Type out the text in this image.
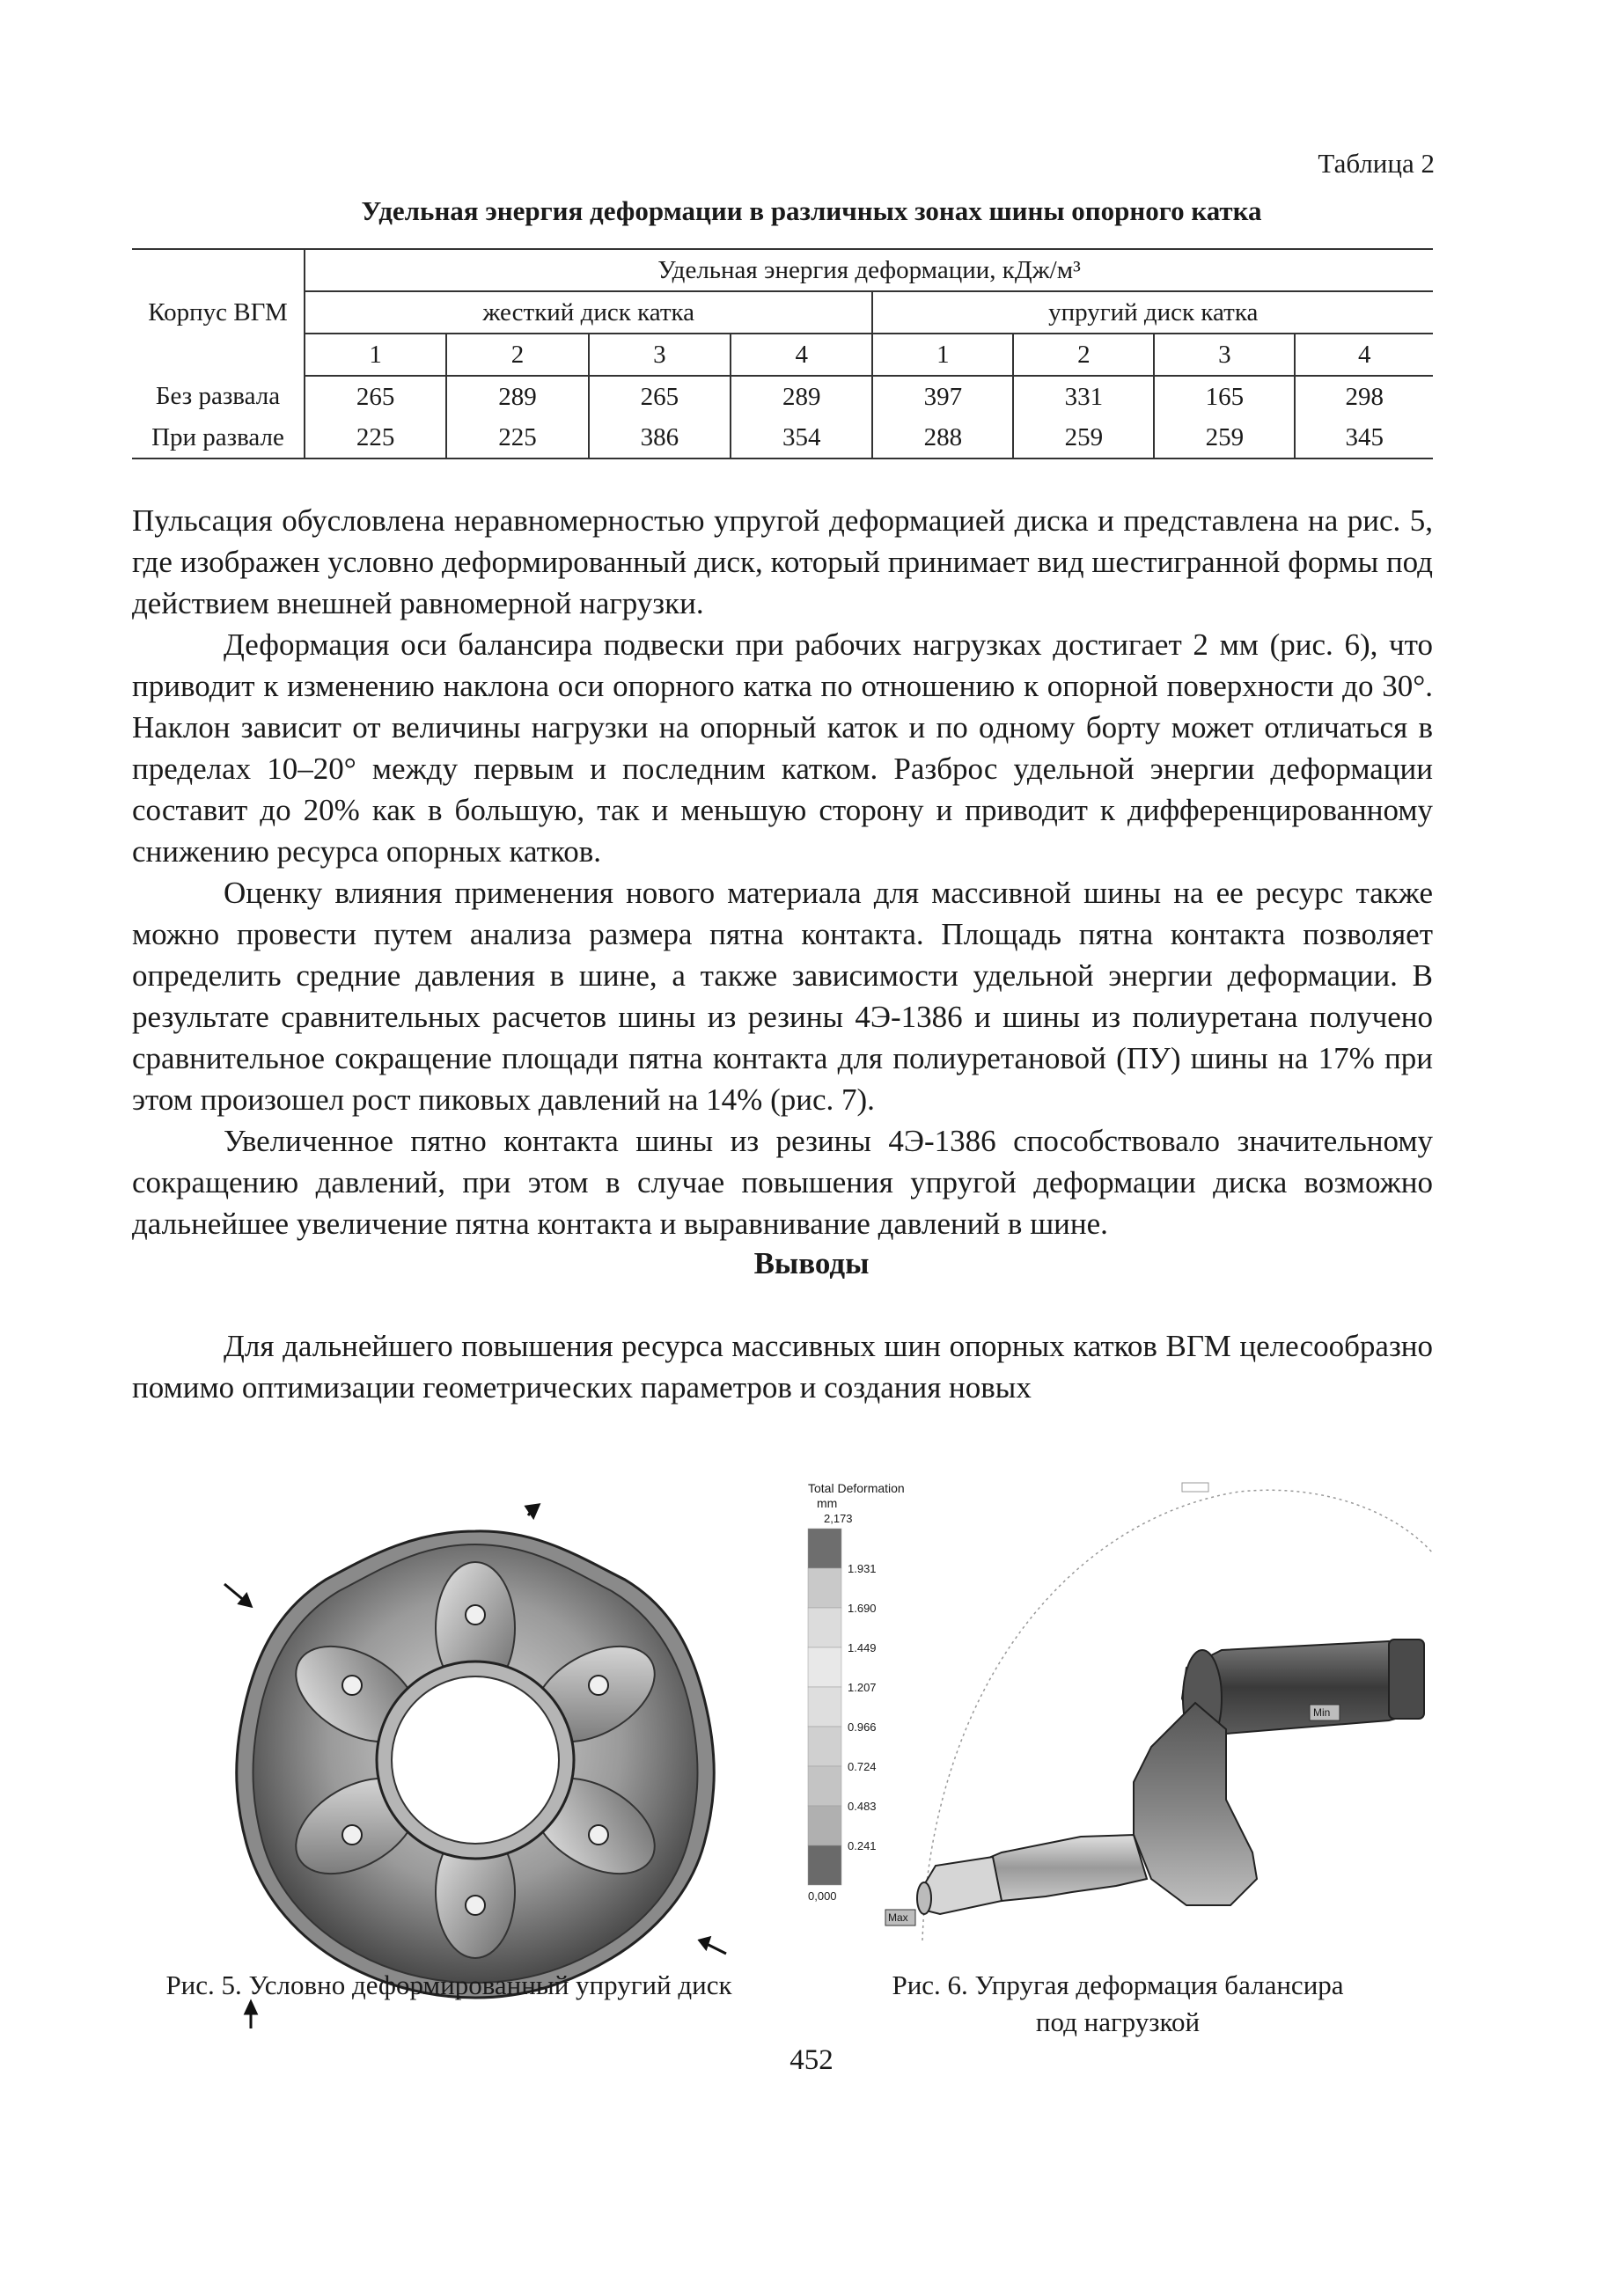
Таблица 2
Удельная энергия деформации в различных зонах шины опорного катка
Корпус ВГМ	Удельная энергия деформации, кДж/м³							
	жесткий диск катка				упругий диск катка			
	1	2	3	4	1	2	3	4
Без развала	265	289	265	289	397	331	165	298
При развале	225	225	386	354	288	259	259	345

Пульсация обусловлена неравномерностью упругой деформацией диска и представлена на рис. 5, где изображен условно деформированный диск, который принимает вид шестигранной формы под действием внешней равномерной нагрузки.

Деформация оси балансира подвески при рабочих нагрузках достигает 2 мм (рис. 6), что приводит к изменению наклона оси опорного катка по отношению к опорной поверхности до 30°. Наклон зависит от величины нагрузки на опорный каток и по одному борту может отличаться в пределах 10–20° между первым и последним катком. Разброс удельной энергии деформации составит до 20% как в большую, так и меньшую сторону и приводит к дифференцированному снижению ресурса опорных катков.

Оценку влияния применения нового материала для массивной шины на ее ресурс также можно провести путем анализа размера пятна контакта. Площадь пятна контакта позволяет определить средние давления в шине, а также зависимости удельной энергии деформации. В результате сравнительных расчетов шины из резины 4Э-1386 и шины из полиуретана получено сравнительное сокращение площади пятна контакта для полиуретановой (ПУ) шины на 17% при этом произошел рост пиковых давлений на 14% (рис. 7).

Увеличенное пятно контакта шины из резины 4Э-1386 способствовало значительному сокращению давлений, при этом в случае повышения упругой деформации диска возможно дальнейшее увеличение пятна контакта и выравнивание давлений в шине.

Выводы

Для дальнейшего повышения ресурса массивных шин опорных катков ВГМ целесообразно помимо оптимизации геометрических параметров и создания новых

Total Deformation
mm
2,173
1.931
1.690
1.449
1.207
0.966
0.724
0.483
0.241
0,000
Min
Max
Рис. 5. Условно деформированный упругий диск	Рис. 6. Упругая деформация балансира
под нагрузкой
452
